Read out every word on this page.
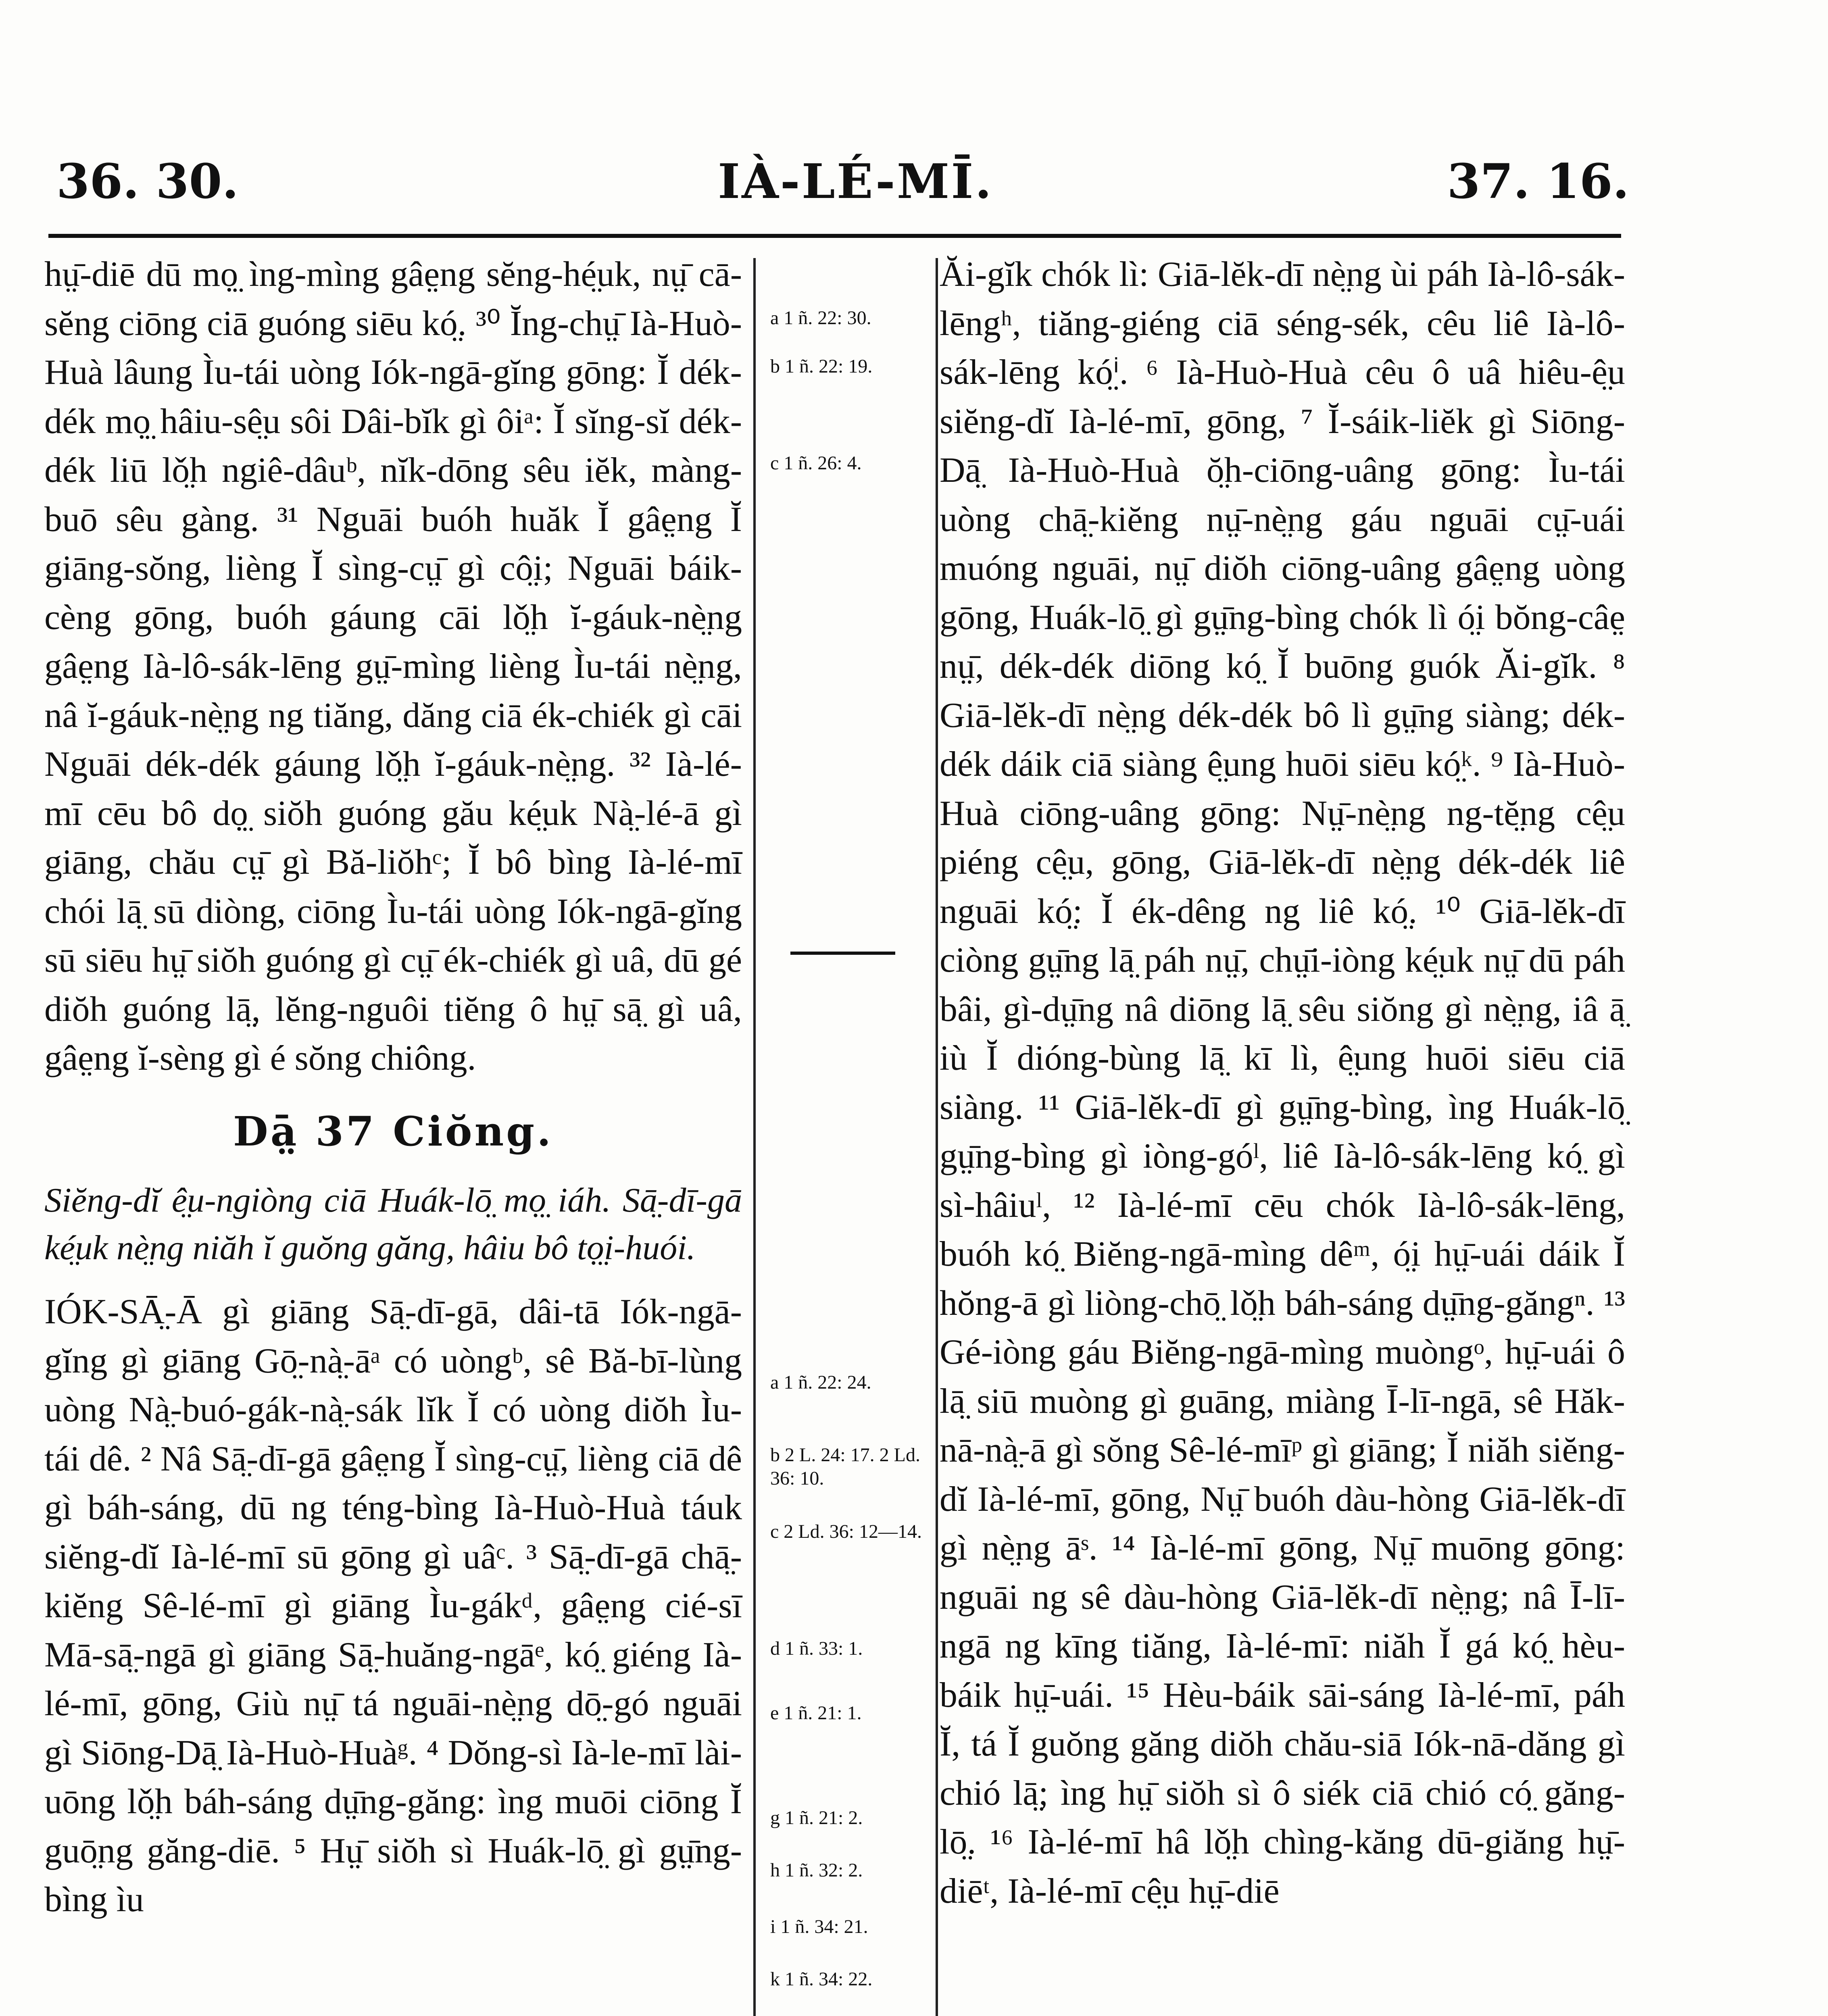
36. 30.	IÀ-LÉ-MĪ.	37. 16.

hṳ̄-diē dū mọ̤ ìng-mìng gâe̤ng sĕng-hé̤uk, nṳ̄ cā-sĕng ciōng ciā guóng siēu kó̤. ³⁰ Ĭng-chṳ̄ Ià-Huò-Huà lâung Ìu-tái uòng Iók-ngā-gĭng gōng: Ĭ dék-dék mọ̤ hâiu-sê̤u sôi Dâi-bĭk gì ôiᵃ: Ĭ sĭng-sĭ dék-dék liū lǒ̤h ngiê-dâuᵇ, nĭk-dōng sêu iĕk, màng-buō sêu gàng. ³¹ Nguāi buóh huăk Ĭ gâe̤ng Ĭ giāng-sŏng, lièng Ĭ sìng-cṳ̄ gì cô̤i; Nguāi báik-cèng gōng, buóh gáung cāi lǒ̤h ĭ-gáuk-nè̤ng gâe̤ng Ià-lô-sák-lēng gṳ̄-mìng lièng Ìu-tái nè̤ng, nâ ĭ-gáuk-nè̤ng ng tiăng, dăng ciā ék-chiék gì cāi Nguāi dék-dék gáung lǒ̤h ĭ-gáuk-nè̤ng. ³² Ià-lé-mī cēu bô dọ̤ siŏh guóng gău ké̤uk Nà̤-lé-ā gì giāng, chău cṳ̄ gì Bă-liŏhᶜ; Ĭ bô bìng Ià-lé-mī chói lā̤ sū diòng, ciōng Ìu-tái uòng Iók-ngā-gĭng sū siēu hṳ̄ siŏh guóng gì cṳ̄ ék-chiék gì uâ, dū gé diŏh guóng lā̤, lĕng-nguôi tiĕng ô hṳ̄ sā̤ gì uâ, gâe̤ng ĭ-sèng gì é sŏng chiông.

Dā̤ 37 Ciŏng.

Siĕng-dĭ ê̤u-ngiòng ciā Huák-lō̤ mọ̤ iáh. Sā̤-dī-gā ké̤uk nè̤ng niăh ĭ guŏng găng, hâiu bô tọ̤i-huói.

IÓK-SĀ̤-Ā gì giāng Sā̤-dī-gā, dâi-tā Iók-ngā-gĭng gì giāng Gō̤-nà̤-āᵃ có uòngᵇ, sê Bă-bī-lùng uòng Nà̤-buó-gák-nà̤-sák lĭk Ĭ có uòng diŏh Ìu-tái dê. ² Nâ Sā̤-dī-gā gâe̤ng Ĭ sìng-cṳ̄, lièng ciā dê gì báh-sáng, dū ng téng-bìng Ià-Huò-Huà táuk siĕng-dĭ Ià-lé-mī sū gōng gì uâᶜ. ³ Sā̤-dī-gā chā̤-kiĕng Sê-lé-mī gì giāng Ìu-gákᵈ, gâe̤ng cié-sī Mā-sā̤-ngā gì giāng Sā̤-huăng-ngāᵉ, kó̤ giéng Ià-lé-mī, gōng, Giù nṳ̄ tá nguāi-nè̤ng dō̤-gó nguāi gì Siōng-Dā̤ Ià-Huò-Huàᵍ. ⁴ Dŏng-sì Ià-le-mī lài-uōng lǒ̤h báh-sáng dṳ̄ng-găng: ìng muōi ciōng Ĭ guō̤ng găng-diē. ⁵ Hṳ̄ siŏh sì Huák-lō̤ gì gṳ̄ng-bìng ìu

a 1 ñ. 22: 30.

b 1 ñ. 22: 19.

c 1 ñ. 26: 4.

a 1 ñ. 22: 24.

b 2 L. 24: 17. 2 Ld. 36: 10.

c 2 Ld. 36: 12—14.

d 1 ñ. 33: 1.

e 1 ñ. 21: 1.

g 1 ñ. 21: 2.

h 1 ñ. 32: 2.

i 1 ñ. 34: 21.

k 1 ñ. 34: 22.

Ăi-gĭk chók lì: Giā-lĕk-dī nè̤ng ùi páh Ià-lô-sák-lēngʰ, tiăng-giéng ciā séng-sék, cêu liê Ià-lô-sák-lēng kó̤ⁱ. ⁶ Ià-Huò-Huà cêu ô uâ hiêu-ê̤u siĕng-dĭ Ià-lé-mī, gōng, ⁷ Ĭ-sáik-liĕk gì Siōng-Dā̤ Ià-Huò-Huà ŏ̤h-ciōng-uâng gōng: Ìu-tái uòng chā̤-kiĕng nṳ̄-nè̤ng gáu nguāi cṳ̄-uái muóng nguāi, nṳ̄ diŏh ciōng-uâng gâe̤ng uòng gōng, Huák-lō̤ gì gṳ̄ng-bìng chók lì ó̤i bŏng-câe̤ nṳ̄, dék-dék diōng kó̤ Ĭ buōng guók Ăi-gĭk. ⁸ Giā-lĕk-dī nè̤ng dék-dék bô lì gṳ̄ng siàng; dék-dék dáik ciā siàng ê̤ung huōi siēu kó̤ᵏ. ⁹ Ià-Huò-Huà ciōng-uâng gōng: Nṳ̄-nè̤ng ng-tĕ̤ng cê̤u piéng cê̤u, gōng, Giā-lĕk-dī nè̤ng dék-dék liê nguāi kó̤: Ĭ ék-dêng ng liê kó̤. ¹⁰ Giā-lĕk-dī ciòng gṳ̄ng lā̤ páh nṳ̄, chṳ̄i-iòng ké̤uk nṳ̄ dū páh bâi, gì-dṳ̄ng nâ diōng lā̤ sêu siŏng gì nè̤ng, iâ ā̤ iù Ĭ dióng-bùng lā̤ kī lì, ê̤ung huōi siēu ciā siàng. ¹¹ Giā-lĕk-dī gì gṳ̄ng-bìng, ìng Huák-lō̤ gṳ̄ng-bìng gì iòng-góˡ, liê Ià-lô-sák-lēng kó̤ gì sì-hâiuˡ, ¹² Ià-lé-mī cēu chók Ià-lô-sák-lēng, buóh kó̤ Biĕng-ngā-mìng dêᵐ, ó̤i hṳ̄-uái dáik Ĭ hŏng-ā gì liòng-chō̤ lǒ̤h báh-sáng dṳ̄ng-găngⁿ. ¹³ Gé-iòng gáu Biĕng-ngā-mìng muòngᵒ, hṳ̄-uái ô lā̤ siū muòng gì guāng, miàng Ī-lī-ngā, sê Hăk-nā-nà̤-ā gì sŏng Sê-lé-mīᵖ gì giāng; Ĭ niăh siĕng-dĭ Ià-lé-mī, gōng, Nṳ̄ buóh dàu-hòng Giā-lĕk-dī gì nè̤ng āˢ. ¹⁴ Ià-lé-mī gōng, Nṳ̄ muōng gōng: nguāi ng sê dàu-hòng Giā-lĕk-dī nè̤ng; nâ Ī-lī-ngā ng kīng tiăng, Ià-lé-mī: niăh Ĭ gá kó̤ hèu-báik hṳ̄-uái. ¹⁵ Hèu-báik sāi-sáng Ià-lé-mī, páh Ĭ, tá Ĭ guŏng găng diŏh chău-siā Iók-nā-dăng gì chió lā̤; ìng hṳ̄ siŏh sì ô siék ciā chió có̤ găng-lō̤. ¹⁶ Ià-lé-mī hâ lǒ̤h chìng-kăng dū-giăng hṳ̄-diēᵗ, Ià-lé-mī cê̤u hṳ̄-diē
